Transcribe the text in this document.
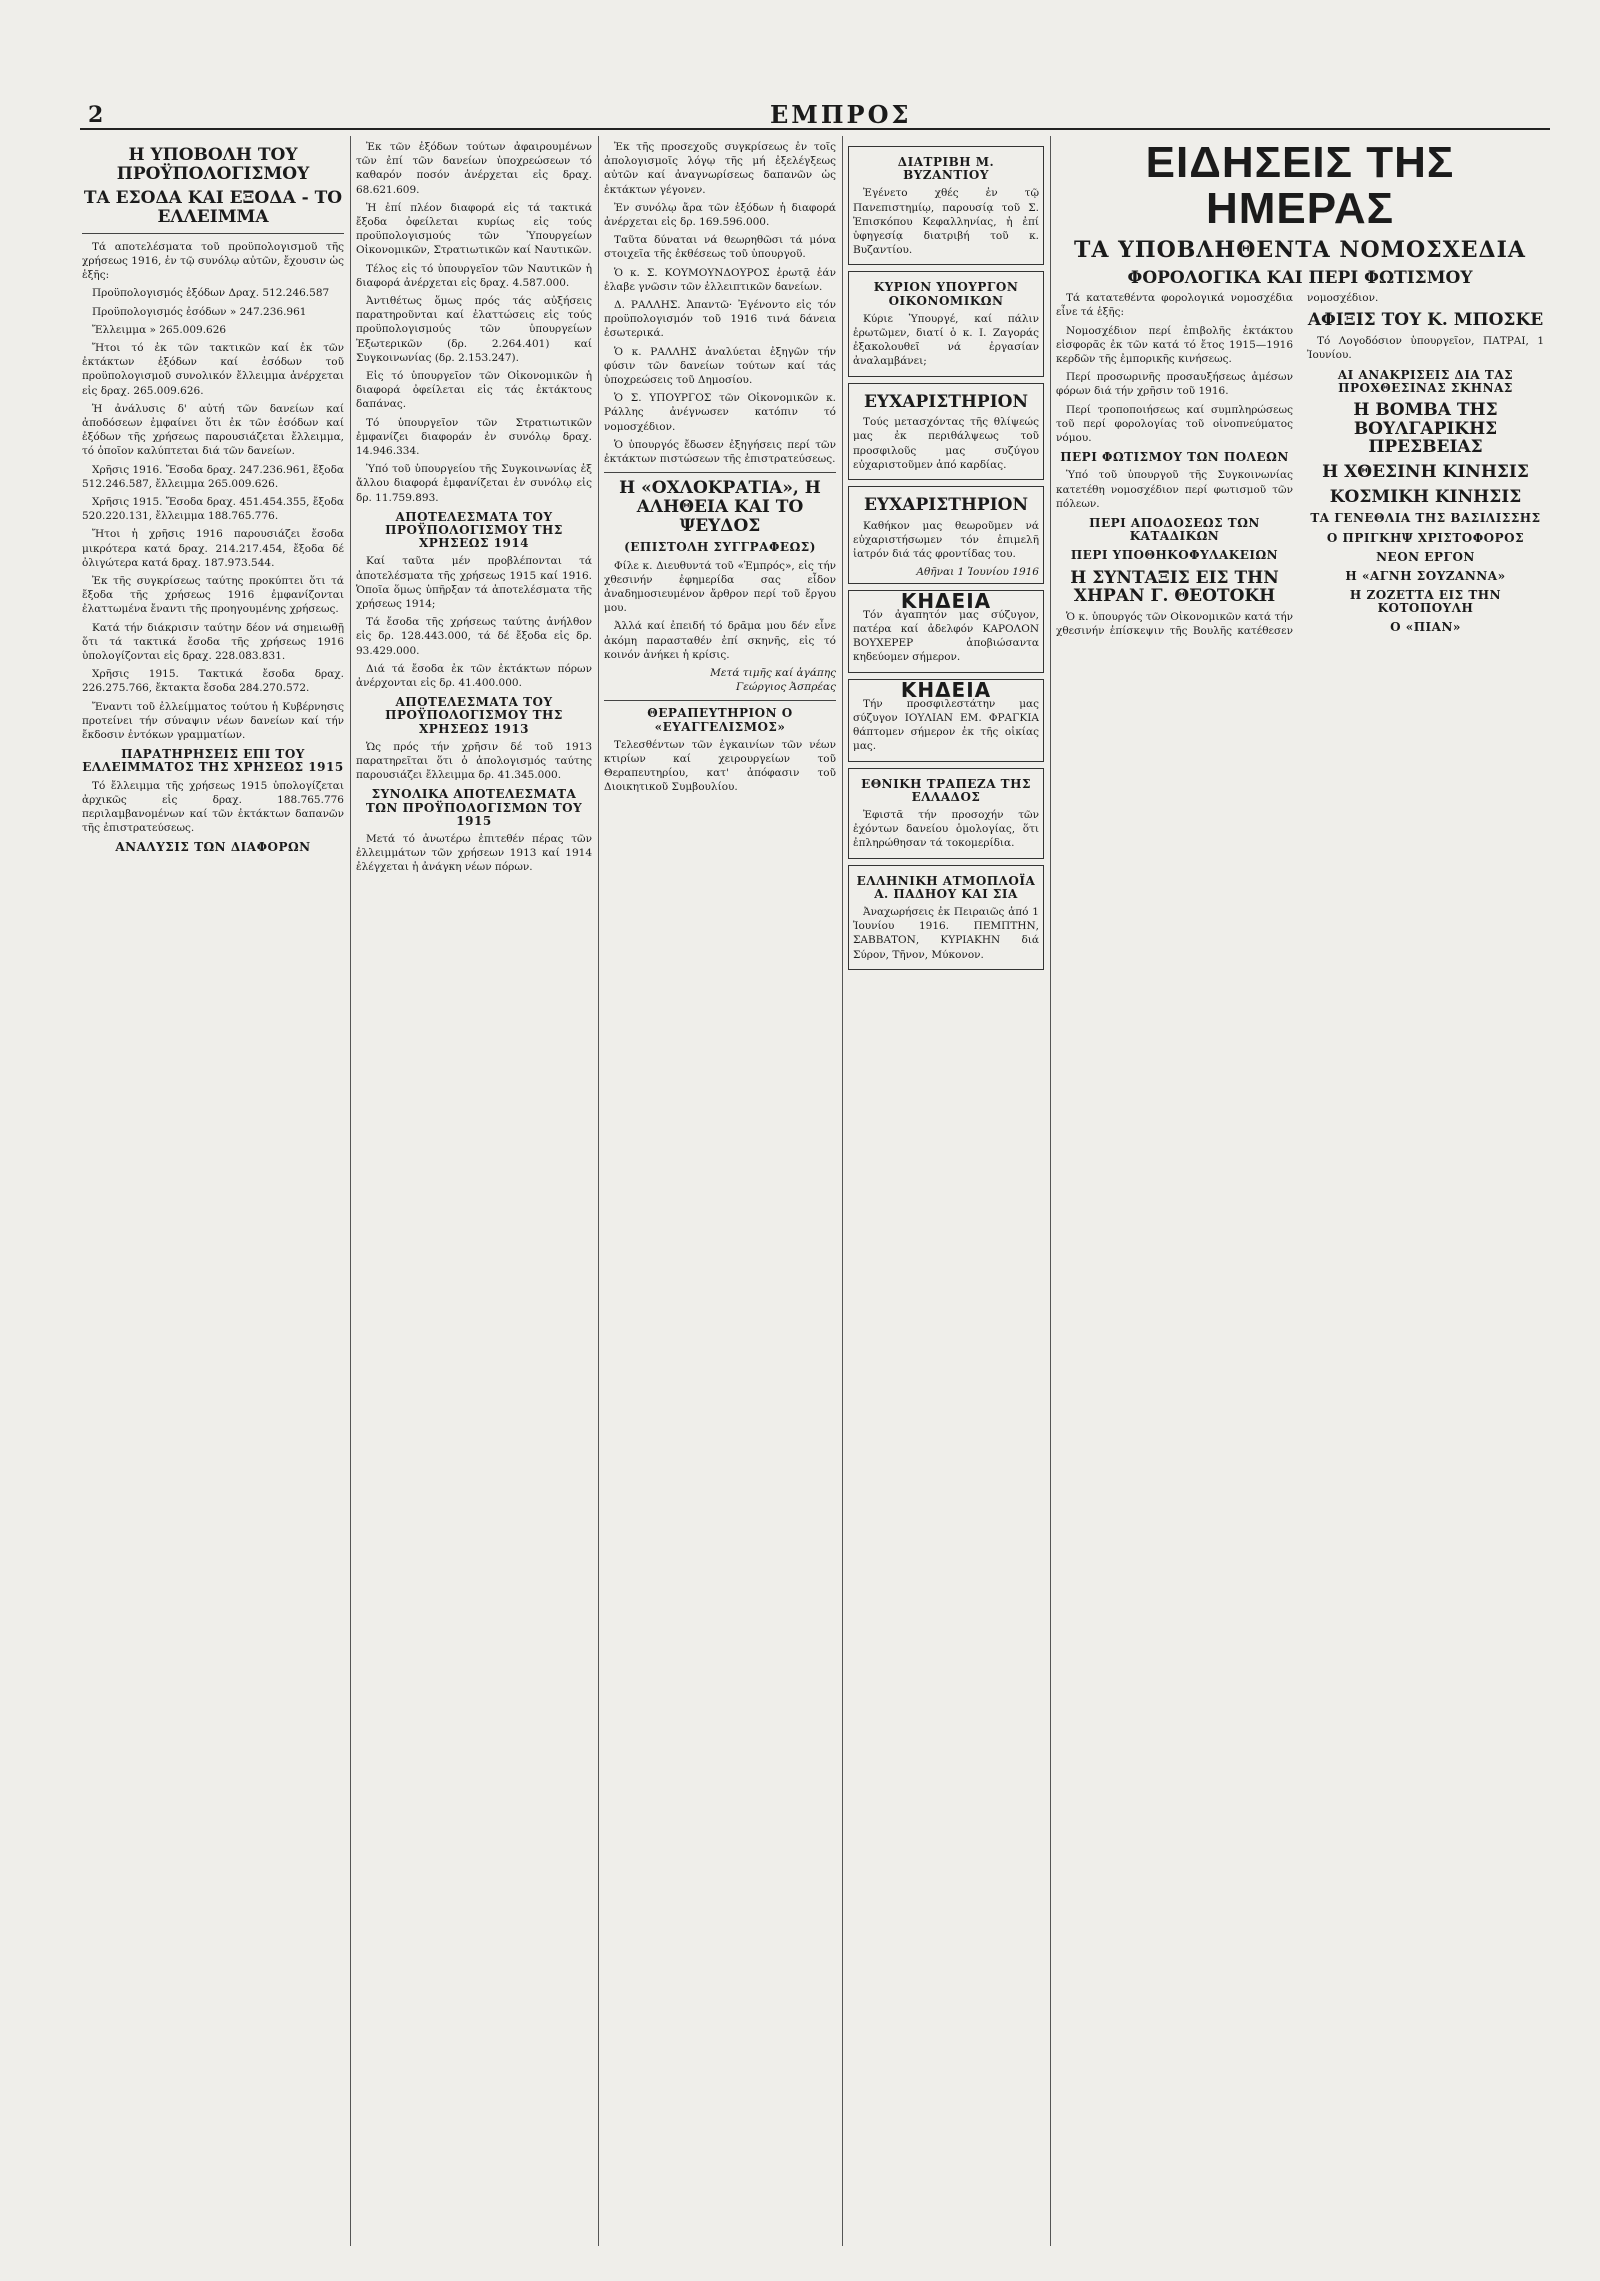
2	ΕΜΠΡΟΣ
Η ΥΠΟΒΟΛΗ ΤΟΥ ΠΡΟΫΠΟΛΟΓΙΣΜΟΥ
ΤΑ ΕΣΟΔΑ ΚΑΙ ΕΞΟΔΑ - ΤΟ ΕΛΛΕΙΜΜΑ

Τά αποτελέσματα τοῦ προϋπολογισμοῦ τῆς χρήσεως 1916, ἐν τῷ συνόλῳ αὐτῶν, ἔχουσιν ὡς ἑξῆς:

Προϋπολογισμός ἐξόδων Δραχ. 512.246.587

Προϋπολογισμός ἐσόδων » 247.236.961

Ἔλλειμμα » 265.009.626

Ἤτοι τό ἐκ τῶν τακτικῶν καί ἐκ τῶν ἐκτάκτων ἐξόδων καί ἐσόδων τοῦ προϋπολογισμοῦ συνολικόν ἔλλειμμα ἀνέρχεται εἰς δραχ. 265.009.626.

Ἡ ἀνάλυσις δ' αὐτή τῶν δανείων καί ἀποδόσεων ἐμφαίνει ὅτι ἐκ τῶν ἐσόδων καί ἐξόδων τῆς χρήσεως παρουσιάζεται ἔλλειμμα, τό ὁποῖον καλύπτεται διά τῶν δανείων.

Χρῆσις 1916. Ἔσοδα δραχ. 247.236.961, ἔξοδα 512.246.587, ἔλλειμμα 265.009.626.

Χρῆσις 1915. Ἔσοδα δραχ. 451.454.355, ἔξοδα 520.220.131, ἔλλειμμα 188.765.776.

Ἤτοι ἡ χρῆσις 1916 παρουσιάζει ἔσοδα μικρότερα κατά δραχ. 214.217.454, ἔξοδα δέ ὀλιγώτερα κατά δραχ. 187.973.544.

Ἐκ τῆς συγκρίσεως ταύτης προκύπτει ὅτι τά ἔξοδα τῆς χρήσεως 1916 ἐμφανίζονται ἐλαττωμένα ἔναντι τῆς προηγουμένης χρήσεως.

Κατά τήν διάκρισιν ταύτην δέον νά σημειωθῇ ὅτι τά τακτικά ἔσοδα τῆς χρήσεως 1916 ὑπολογίζονται εἰς δραχ. 228.083.831.

Χρῆσις 1915. Τακτικά ἔσοδα δραχ. 226.275.766, ἔκτακτα ἔσοδα 284.270.572.

Ἔναντι τοῦ ἐλλείμματος τούτου ἡ Κυβέρνησις προτείνει τήν σύναψιν νέων δανείων καί τήν ἔκδοσιν ἐντόκων γραμματίων.

ΠΑΡΑΤΗΡΗΣΕΙΣ ΕΠΙ ΤΟΥ ΕΛΛΕΙΜΜΑΤΟΣ ΤΗΣ ΧΡΗΣΕΩΣ 1915

Τό ἔλλειμμα τῆς χρήσεως 1915 ὑπολογίζεται ἀρχικῶς εἰς δραχ. 188.765.776 περιλαμβανομένων καί τῶν ἐκτάκτων δαπανῶν τῆς ἐπιστρατεύσεως.

ΑΝΑΛΥΣΙΣ ΤΩΝ ΔΙΑΦΟΡΩΝ

Ἐκ τῶν ἐξόδων τούτων ἀφαιρουμένων τῶν ἐπί τῶν δανείων ὑποχρεώσεων τό καθαρόν ποσόν ἀνέρχεται εἰς δραχ. 68.621.609.

Ἡ ἐπί πλέον διαφορά εἰς τά τακτικά ἔξοδα ὀφείλεται κυρίως εἰς τούς προϋπολογισμούς τῶν Ὑπουργείων Οἰκονομικῶν, Στρατιωτικῶν καί Ναυτικῶν.

Τέλος εἰς τό ὑπουργεῖον τῶν Ναυτικῶν ἡ διαφορά ἀνέρχεται εἰς δραχ. 4.587.000.

Ἀντιθέτως ὅμως πρός τάς αὐξήσεις παρατηροῦνται καί ἐλαττώσεις εἰς τούς προϋπολογισμούς τῶν ὑπουργείων Ἐξωτερικῶν (δρ. 2.264.401) καί Συγκοινωνίας (δρ. 2.153.247).

Εἰς τό ὑπουργεῖον τῶν Οἰκονομικῶν ἡ διαφορά ὀφείλεται εἰς τάς ἐκτάκτους δαπάνας.

Τό ὑπουργεῖον τῶν Στρατιωτικῶν ἐμφανίζει διαφοράν ἐν συνόλῳ δραχ. 14.946.334.

Ὑπό τοῦ ὑπουργείου τῆς Συγκοινωνίας ἐξ ἄλλου διαφορά ἐμφανίζεται ἐν συνόλῳ εἰς δρ. 11.759.893.

ΑΠΟΤΕΛΕΣΜΑΤΑ ΤΟΥ ΠΡΟΫΠΟΛΟΓΙΣΜΟΥ ΤΗΣ ΧΡΗΣΕΩΣ 1914

Καί ταῦτα μέν προβλέπονται τά ἀποτελέσματα τῆς χρήσεως 1915 καί 1916. Ὁποῖα ὅμως ὑπῆρξαν τά ἀποτελέσματα τῆς χρήσεως 1914;

Τά ἔσοδα τῆς χρήσεως ταύτης ἀνήλθον εἰς δρ. 128.443.000, τά δέ ἔξοδα εἰς δρ. 93.429.000.

Διά τά ἔσοδα ἐκ τῶν ἐκτάκτων πόρων ἀνέρχονται εἰς δρ. 41.400.000.

ΑΠΟΤΕΛΕΣΜΑΤΑ ΤΟΥ ΠΡΟΫΠΟΛΟΓΙΣΜΟΥ ΤΗΣ ΧΡΗΣΕΩΣ 1913

Ὡς πρός τήν χρῆσιν δέ τοῦ 1913 παρατηρεῖται ὅτι ὁ ἀπολογισμός ταύτης παρουσιάζει ἔλλειμμα δρ. 41.345.000.

ΣΥΝΟΛΙΚΑ ΑΠΟΤΕΛΕΣΜΑΤΑ ΤΩΝ ΠΡΟΫΠΟΛΟΓΙΣΜΩΝ ΤΟΥ 1915

Μετά τό ἀνωτέρω ἐπιτεθέν πέρας τῶν ἐλλειμμάτων τῶν χρήσεων 1913 καί 1914 ἐλέγχεται ἡ ἀνάγκη νέων πόρων.

Ἐκ τῆς προσεχοῦς συγκρίσεως ἐν τοῖς ἀπολογισμοῖς λόγῳ τῆς μή ἐξελέγξεως αὐτῶν καί ἀναγνωρίσεως δαπανῶν ὡς ἐκτάκτων γέγονεν.

Ἐν συνόλῳ ἄρα τῶν ἐξόδων ἡ διαφορά ἀνέρχεται εἰς δρ. 169.596.000.

Ταῦτα δύναται νά θεωρηθῶσι τά μόνα στοιχεῖα τῆς ἐκθέσεως τοῦ ὑπουργοῦ.

Ὁ κ. Σ. ΚΟΥΜΟΥΝΔΟΥΡΟΣ ἐρωτᾷ ἐάν ἐλαβε γνῶσιν τῶν ἐλλειπτικῶν δανείων.

Δ. ΡΑΛΛΗΣ. Ἀπαντῶ· Ἐγένοντο εἰς τόν προϋπολογισμόν τοῦ 1916 τινά δάνεια ἐσωτερικά.

Ὁ κ. ΡΑΛΛΗΣ ἀναλύεται ἐξηγῶν τήν φύσιν τῶν δανείων τούτων καί τάς ὑποχρεώσεις τοῦ Δημοσίου.

Ὁ Σ. ΥΠΟΥΡΓΟΣ τῶν Οἰκονομικῶν κ. Ράλλης ἀνέγνωσεν κατόπιν τό νομοσχέδιον.

Ὁ ὑπουργός ἔδωσεν ἐξηγήσεις περί τῶν ἐκτάκτων πιστώσεων τῆς ἐπιστρατεύσεως.

Η «ΟΧΛΟΚΡΑΤΙΑ», Η ΑΛΗΘΕΙΑ ΚΑΙ ΤΟ ΨΕΥΔΟΣ
(ΕΠΙΣΤΟΛΗ ΣΥΓΓΡΑΦΕΩΣ)

Φίλε κ. Διευθυντά τοῦ «Ἐμπρός», εἰς τήν χθεσινήν ἐφημερίδα σας εἶδον ἀναδημοσιευμένον ἄρθρον περί τοῦ ἔργου μου.

Ἀλλά καί ἐπειδή τό δρᾶμα μου δέν εἶνε ἀκόμη παρασταθέν ἐπί σκηνῆς, εἰς τό κοινόν ἀνήκει ἡ κρίσις.

Μετά τιμῆς καί ἀγάπης
Γεώργιος Ἀσπρέας
ΘΕΡΑΠΕΥΤΗΡΙΟΝ Ο «ΕΥΑΓΓΕΛΙΣΜΟΣ»

Τελεσθέντων τῶν ἐγκαινίων τῶν νέων κτιρίων καί χειρουργείων τοῦ Θεραπευτηρίου, κατ' ἀπόφασιν τοῦ Διοικητικοῦ Συμβουλίου.

ΔΙΑΤΡΙΒΗ Μ. ΒΥΖΑΝΤΙΟΥ

Ἐγένετο χθές ἐν τῷ Πανεπιστημίῳ, παρουσίᾳ τοῦ Σ. Ἐπισκόπου Κεφαλληνίας, ἡ ἐπί ὑφηγεσίᾳ διατριβή τοῦ κ. Βυζαντίου.

ΚΥΡΙΟΝ ΥΠΟΥΡΓΟΝ ΟΙΚΟΝΟΜΙΚΩΝ

Κύριε Ὑπουργέ, καί πάλιν ἐρωτῶμεν, διατί ὁ κ. Ι. Ζαγοράς ἐξακολουθεῖ νά ἐργασίαν ἀναλαμβάνει;

ΕΥΧΑΡΙΣΤΗΡΙΟΝ

Τούς μετασχόντας τῆς θλίψεώς μας ἐκ περιθάλψεως τοῦ προσφιλοῦς μας συζύγου εὐχαριστοῦμεν ἀπό καρδίας.

ΕΥΧΑΡΙΣΤΗΡΙΟΝ

Καθήκον μας θεωροῦμεν νά εὐχαριστήσωμεν τόν ἐπιμελῆ ἰατρόν διά τάς φροντίδας του.

Αθῆναι 1 Ἰουνίου 1916
ΚΗΔΕΙΑ

Τόν ἀγαπητόν μας σύζυγον, πατέρα καί ἀδελφόν ΚΑΡΟΛΟΝ ΒΟΥΧΕΡΕΡ ἀποβιώσαντα κηδεύομεν σήμερον.

ΚΗΔΕΙΑ

Τήν προσφιλεστάτην μας σύζυγον ΙΟΥΛΙΑΝ ΕΜ. ΦΡΑΓΚΙΑ θάπτομεν σήμερον ἐκ τῆς οἰκίας μας.

ΕΘΝΙΚΗ ΤΡΑΠΕΖΑ ΤΗΣ ΕΛΛΑΔΟΣ

Ἐφιστᾶ τήν προσοχήν τῶν ἐχόντων δανείου ὁμολογίας, ὅτι ἐπληρώθησαν τά τοκομερίδια.

ΕΛΛΗΝΙΚΗ ΑΤΜΟΠΛΟΪΑ Α. ΠΑΔΗΟΥ ΚΑΙ ΣΙΑ

Ἀναχωρήσεις ἐκ Πειραιῶς ἀπό 1 Ἰουνίου 1916. ΠΕΜΠΤΗΝ, ΣΑΒΒΑΤΟΝ, ΚΥΡΙΑΚΗΝ διά Σύρον, Τῆνον, Μύκονον.

ΕΙΔΗΣΕΙΣ ΤΗΣ ΗΜΕΡΑΣ
ΤΑ ΥΠΟΒΛΗΘΕΝΤΑ ΝΟΜΟΣΧΕΔΙΑ
ΦΟΡΟΛΟΓΙΚΑ ΚΑΙ ΠΕΡΙ ΦΩΤΙΣΜΟΥ

Τά κατατεθέντα φορολογικά νομοσχέδια εἶνε τά ἑξῆς:

Νομοσχέδιον περί ἐπιβολῆς ἐκτάκτου εἰσφορᾶς ἐκ τῶν κατά τό ἔτος 1915—1916 κερδῶν τῆς ἐμπορικῆς κινήσεως.

Περί προσωρινῆς προσαυξήσεως ἀμέσων φόρων διά τήν χρῆσιν τοῦ 1916.

Περί τροποποιήσεως καί συμπληρώσεως τοῦ περί φορολογίας τοῦ οἰνοπνεύματος νόμου.

ΠΕΡΙ ΦΩΤΙΣΜΟΥ ΤΩΝ ΠΟΛΕΩΝ

Ὑπό τοῦ ὑπουργοῦ τῆς Συγκοινωνίας κατετέθη νομοσχέδιον περί φωτισμοῦ τῶν πόλεων.

ΠΕΡΙ ΑΠΟΔΟΣΕΩΣ ΤΩΝ ΚΑΤΑΔΙΚΩΝ
ΠΕΡΙ ΥΠΟΘΗΚΟΦΥΛΑΚΕΙΩΝ
Η ΣΥΝΤΑΞΙΣ ΕΙΣ ΤΗΝ ΧΗΡΑΝ Γ. ΘΕΟΤΟΚΗ

Ὁ κ. ὑπουργός τῶν Οἰκονομικῶν κατά τήν χθεσινήν ἐπίσκεψιν τῆς Βουλῆς κατέθεσεν νομοσχέδιον.

ΑΦΙΞΙΣ ΤΟΥ Κ. ΜΠΟΣΚΕ

Τό Λογοδόσιον ὑπουργεῖον, ΠΑΤΡΑΙ, 1 Ἰουνίου.

ΑΙ ΑΝΑΚΡΙΣΕΙΣ ΔΙΑ ΤΑΣ ΠΡΟΧΘΕΣΙΝΑΣ ΣΚΗΝΑΣ
Η ΒΟΜΒΑ ΤΗΣ ΒΟΥΛΓΑΡΙΚΗΣ ΠΡΕΣΒΕΙΑΣ
Η ΧΘΕΣΙΝΗ ΚΙΝΗΣΙΣ
ΚΟΣΜΙΚΗ ΚΙΝΗΣΙΣ
ΤΑ ΓΕΝΕΘΛΙΑ ΤΗΣ ΒΑΣΙΛΙΣΣΗΣ
Ο ΠΡΙΓΚΗΨ ΧΡΙΣΤΟΦΟΡΟΣ
ΝΕΟΝ ΕΡΓΟΝ
Η «ΑΓΝΗ ΣΟΥΖΑΝΝΑ»
Η ΖΟΖΕΤΤΑ ΕΙΣ ΤΗΝ ΚΟΤΟΠΟΥΛΗ
Ο «ΠΙΑΝ»
